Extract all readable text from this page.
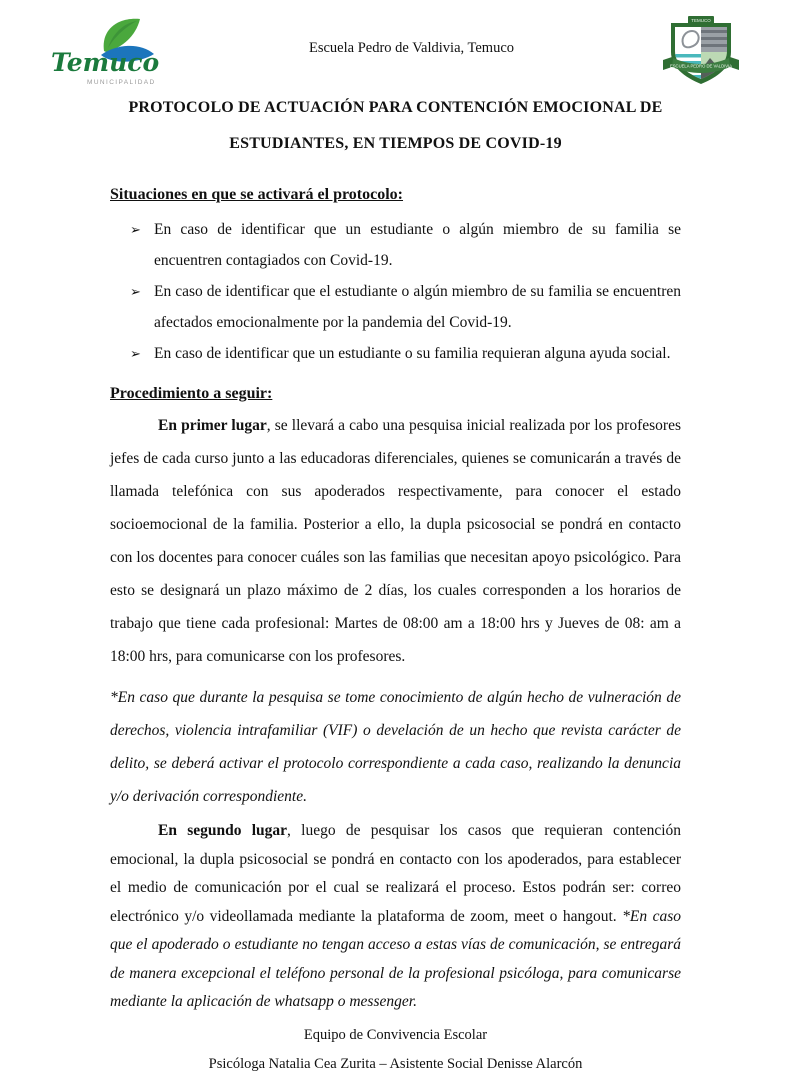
Temuco
MUNICIPALIDAD
Escuela Pedro de Valdivia, Temuco
TEMUCO
ESCUELA PEDRO DE VALDIVIA
PROTOCOLO DE ACTUACIÓN PARA CONTENCIÓN EMOCIONAL DE
ESTUDIANTES, EN TIEMPOS DE COVID-19
Situaciones en que se activará el protocolo:
➢ En caso de identificar que un estudiante o algún miembro de su familia se encuentren contagiados con Covid-19.
➢ En caso de identificar que el estudiante o algún miembro de su familia se encuentren afectados emocionalmente por la pandemia del Covid-19.
➢ En caso de identificar que un estudiante o su familia requieran alguna ayuda social.
Procedimiento a seguir:

En primer lugar, se llevará a cabo una pesquisa inicial realizada por los profesores jefes de cada curso junto a las educadoras diferenciales, quienes se comunicarán a través de llamada telefónica con sus apoderados respectivamente, para conocer el estado socioemocional de la familia. Posterior a ello, la dupla psicosocial se pondrá en contacto con los docentes para conocer cuáles son las familias que necesitan apoyo psicológico. Para esto se designará un plazo máximo de 2 días, los cuales corresponden a los horarios de trabajo que tiene cada profesional: Martes de 08:00 am a 18:00 hrs y Jueves de 08: am a 18:00 hrs, para comunicarse con los profesores.

*En caso que durante la pesquisa se tome conocimiento de algún hecho de vulneración de derechos, violencia intrafamiliar (VIF) o develación de un hecho que revista carácter de delito, se deberá activar el protocolo correspondiente a cada caso, realizando la denuncia y/o derivación correspondiente.

En segundo lugar, luego de pesquisar los casos que requieran contención emocional, la dupla psicosocial se pondrá en contacto con los apoderados, para establecer el medio de comunicación por el cual se realizará el proceso. Estos podrán ser: correo electrónico y/o videollamada mediante la plataforma de zoom, meet o hangout. *En caso que el apoderado o estudiante no tengan acceso a estas vías de comunicación, se entregará de manera excepcional el teléfono personal de la profesional psicóloga, para comunicarse mediante la aplicación de whatsapp o messenger.

Equipo de Convivencia Escolar
Psicóloga Natalia Cea Zurita – Asistente Social Denisse Alarcón
